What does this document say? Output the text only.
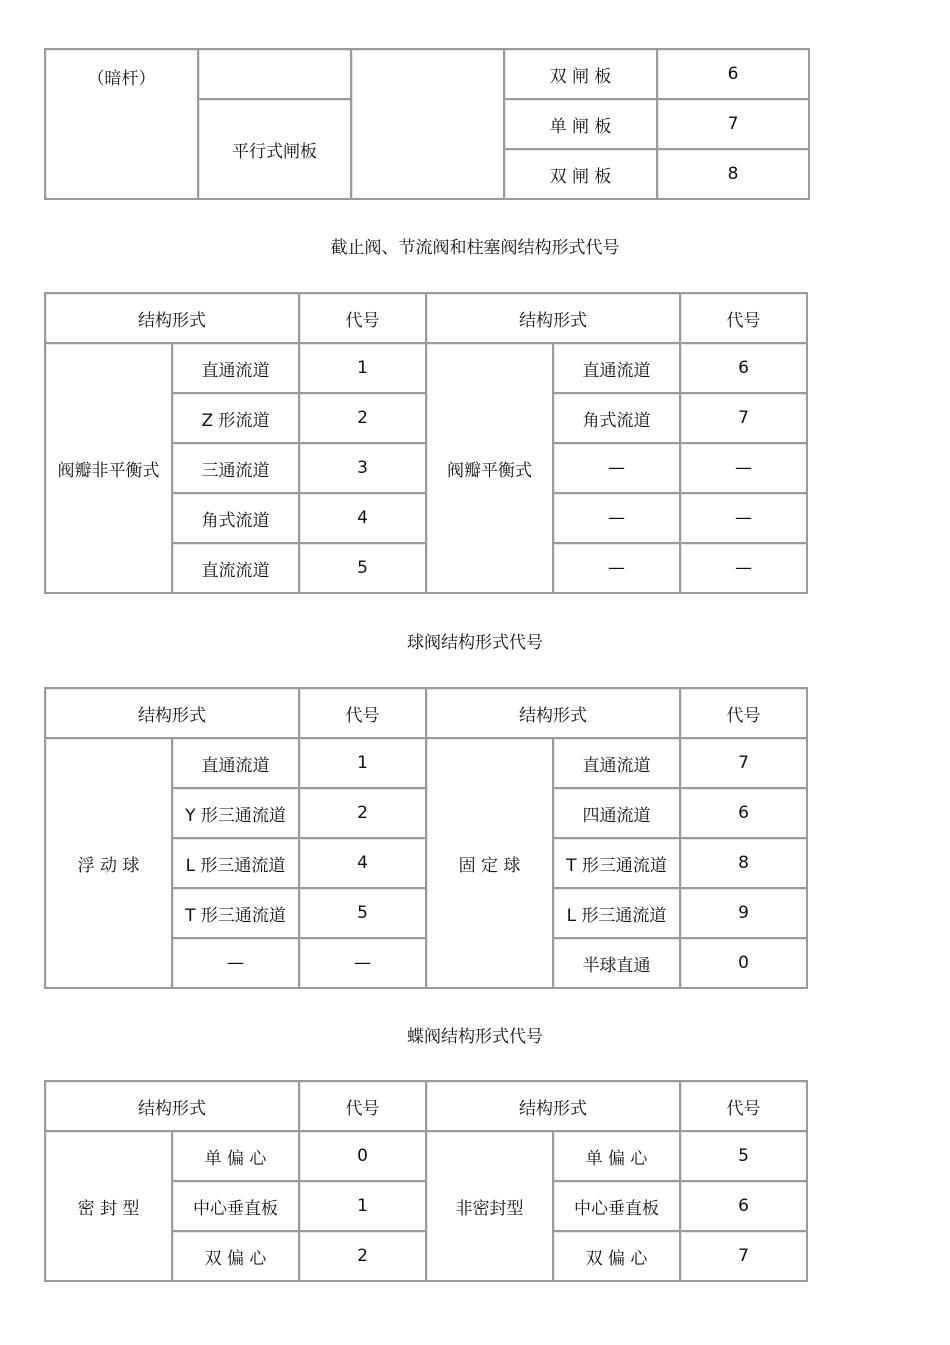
（暗杆）			双 闸 板	6
	平行式闸板		单 闸 板	7
			双 闸 板	8
截止阀、节流阀和柱塞阀结构形式代号
结构形式		代号	结构形式		代号
阀瓣非平衡式	直通流道	1	阀瓣平衡式	直通流道	6
	Z 形流道	2		角式流道	7
	三通流道	3		—	—
	角式流道	4		—	—
	直流流道	5		—	—
球阀结构形式代号
结构形式		代号	结构形式		代号
浮 动 球	直通流道	1	固 定 球	直通流道	7
	Y 形三通流道	2		四通流道	6
	L 形三通流道	4		T 形三通流道	8
	T 形三通流道	5		L 形三通流道	9
	—	—		半球直通	0
蝶阀结构形式代号
结构形式		代号	结构形式		代号
密 封 型	单 偏 心	0	非密封型	单 偏 心	5
	中心垂直板	1		中心垂直板	6
	双 偏 心	2		双 偏 心	7
